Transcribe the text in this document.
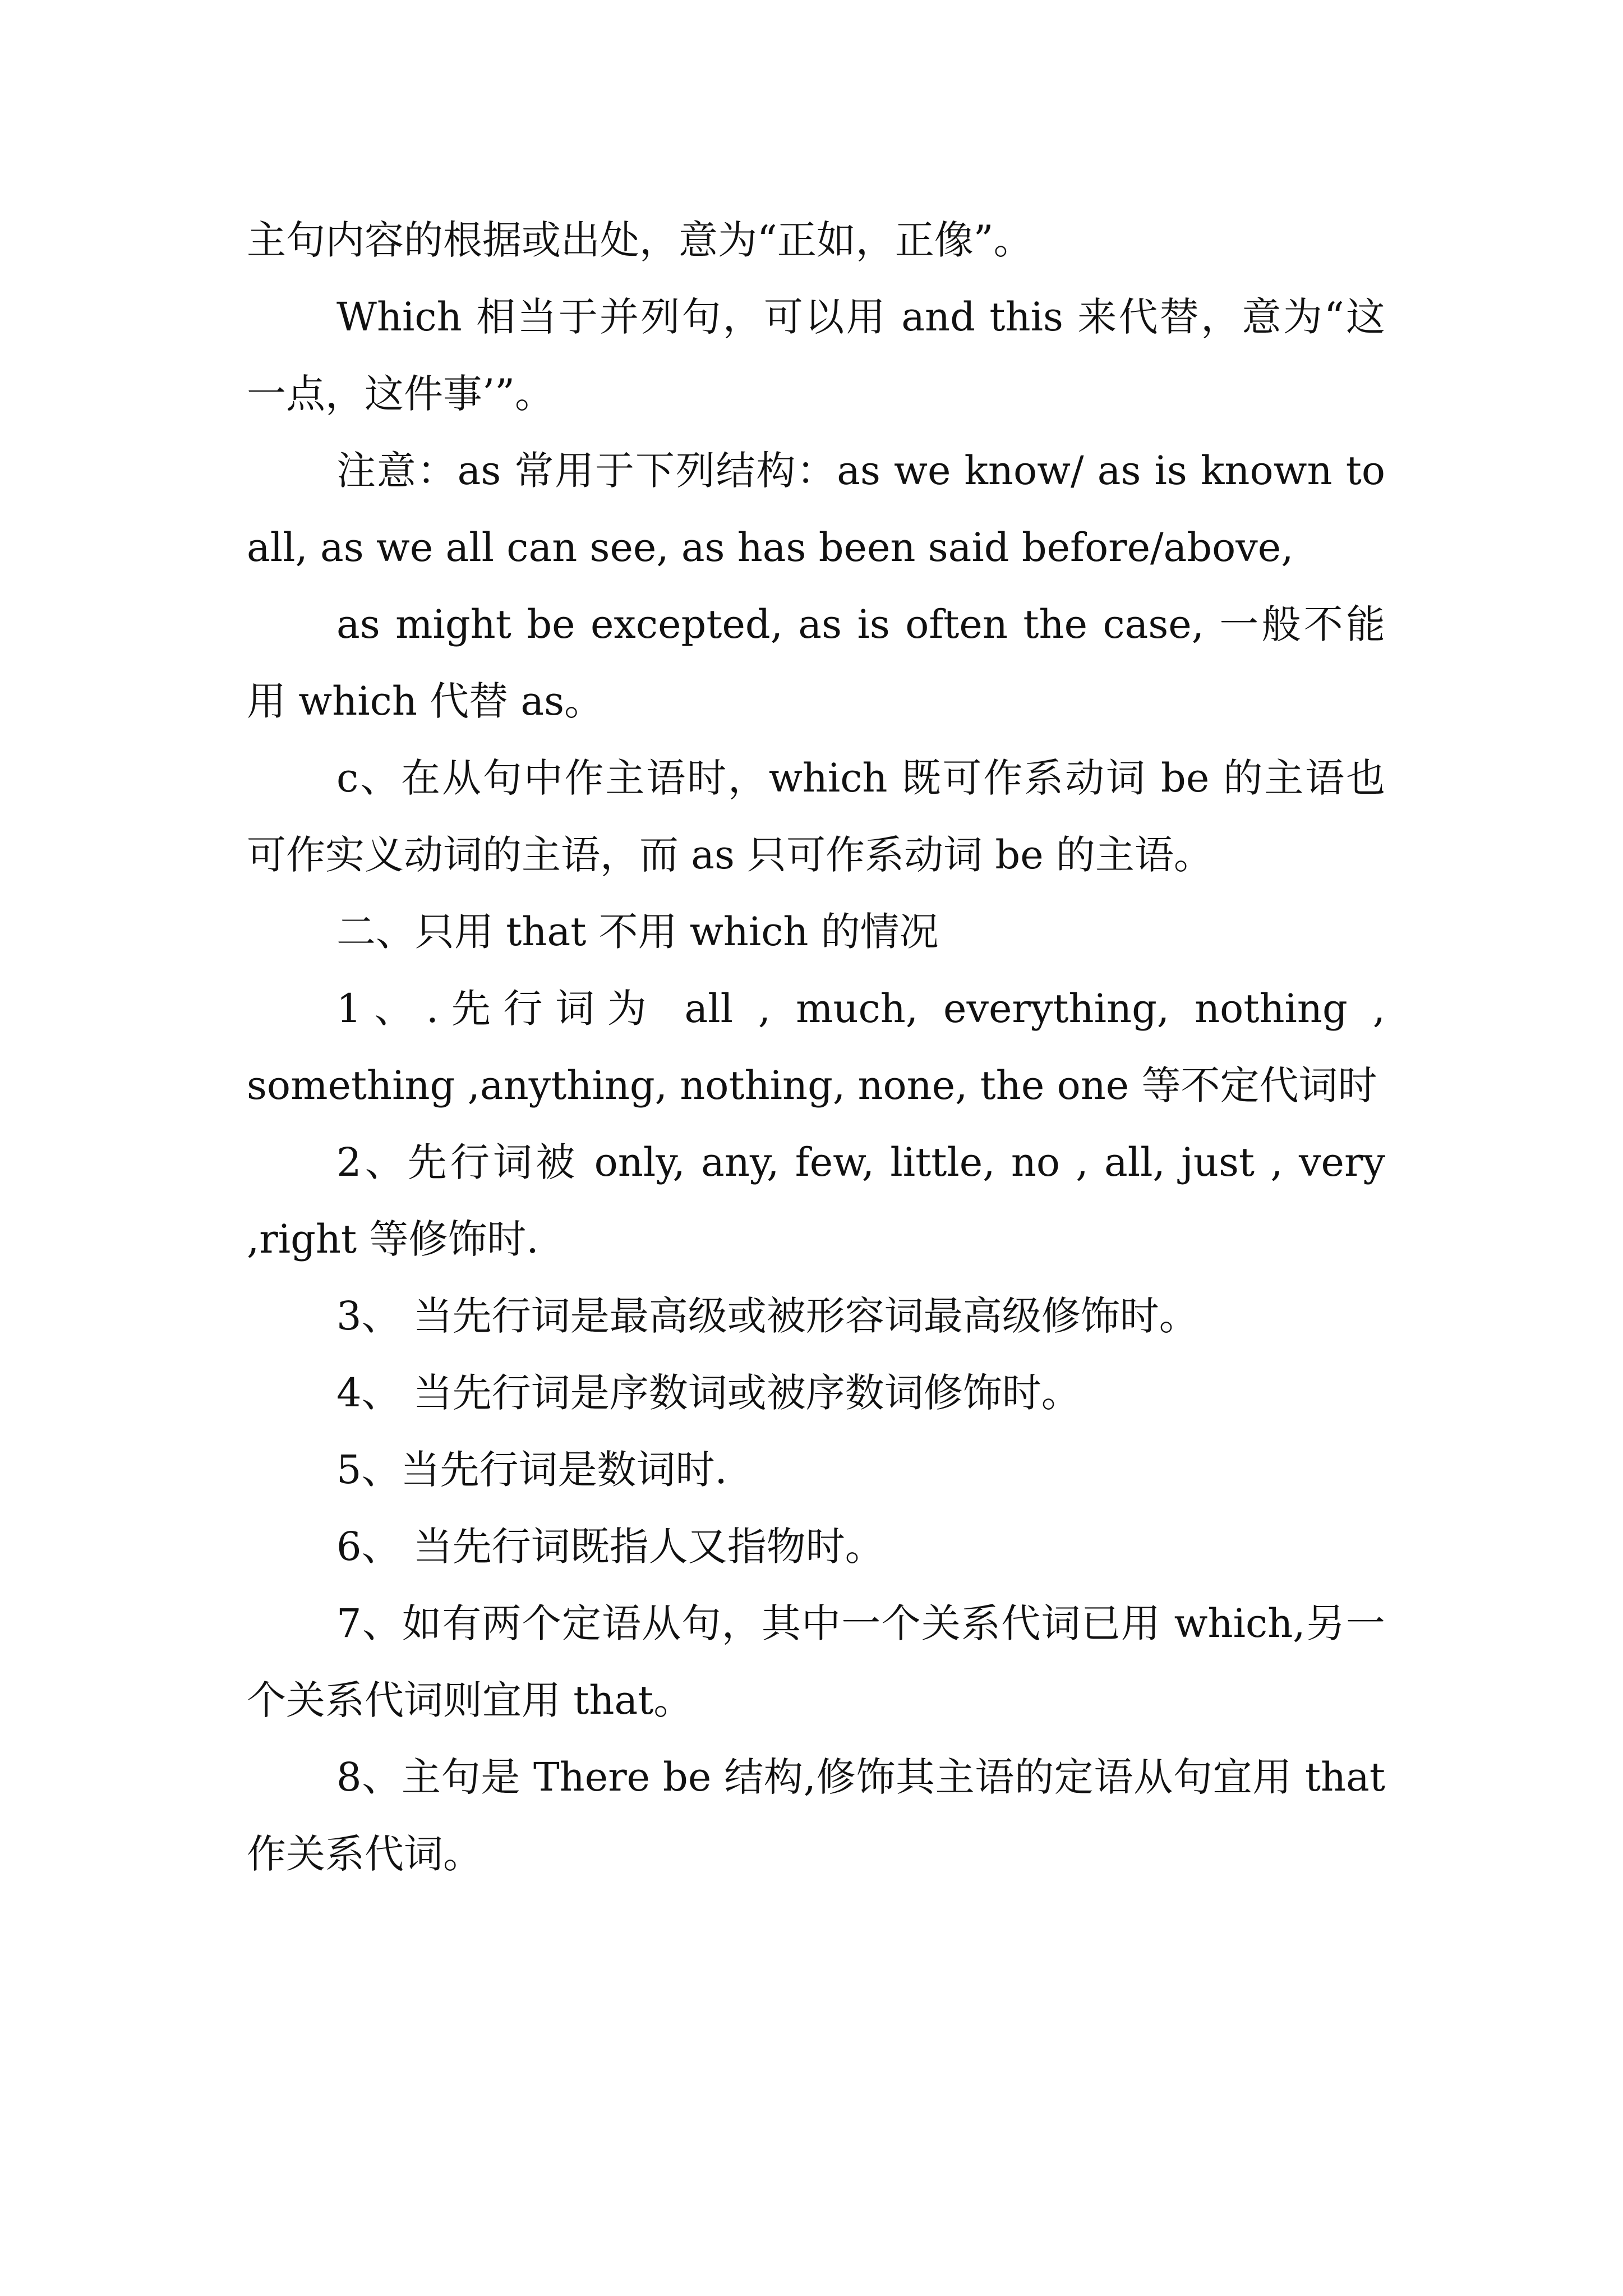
主句内容的根据或出处，意为“正如，正像”。

Which 相当于并列句，可以用 and this 来代替，意为“这一点，这件事’”。

注意：as 常用于下列结构：as we know/ as is known to all, as we all can see, as has been said before/above,

as might be excepted, as is often the case, 一般不能用 which 代替 as。

c、在从句中作主语时，which 既可作系动词 be 的主语也可作实义动词的主语，而 as 只可作系动词 be 的主语。

二、只用 that 不用 which 的情况

1、.先行词为 all , much, everything, nothing , something ,anything, nothing, none, the one 等不定代词时

2、先行词被 only, any, few, little, no , all, just , very ,right 等修饰时.

3、 当先行词是最高级或被形容词最高级修饰时。

4、 当先行词是序数词或被序数词修饰时。

5、当先行词是数词时.

6、 当先行词既指人又指物时。

7、如有两个定语从句，其中一个关系代词已用 which,另一个关系代词则宜用 that。

8、主句是 There be 结构,修饰其主语的定语从句宜用 that 作关系代词。
